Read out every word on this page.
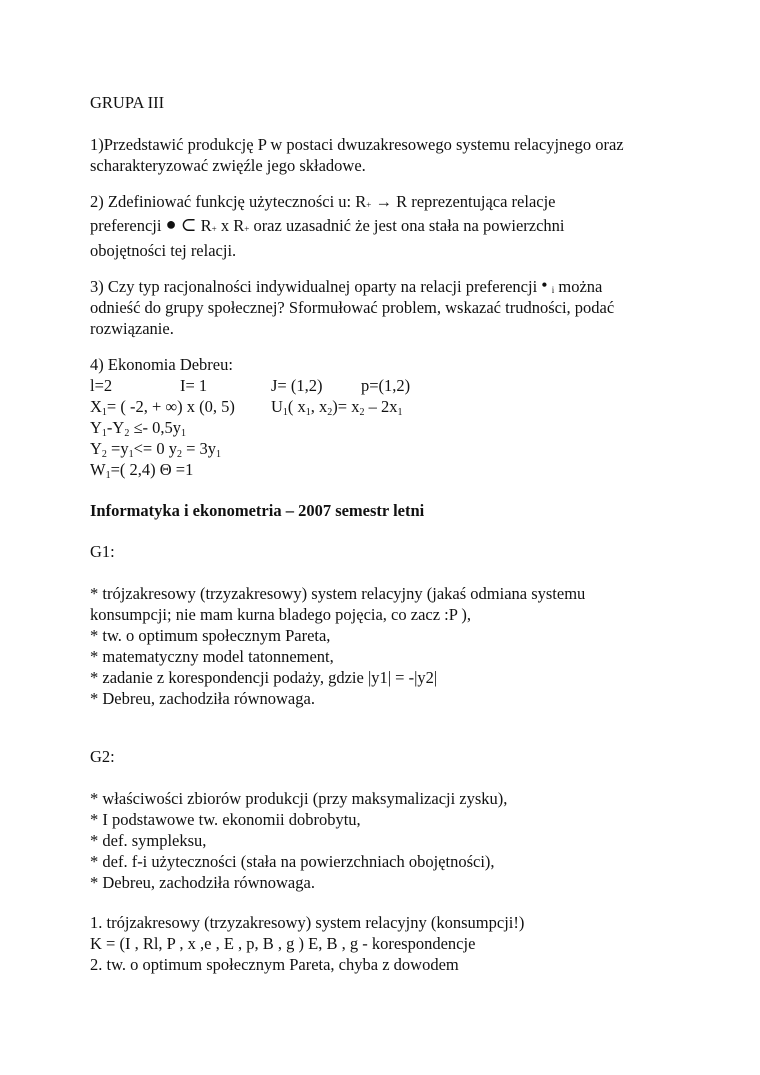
GRUPA III
1)Przedstawić produkcję P w postaci dwuzakresowego systemu relacyjnego oraz
scharakteryzować zwięźle jego składowe.
2) Zdefiniować funkcję użyteczności u: R+ → R reprezentująca relacje
preferencji ● ⊂ R+ x R+ oraz uzasadnić że jest ona stała na powierzchni
obojętności tej relacji.
3) Czy typ racjonalności indywidualnej oparty na relacji preferencji • i można
odnieść do grupy społecznej? Sformułować problem, wskazać trudności, podać
rozwiązanie.
4) Ekonomia Debreu:
l=2	I= 1	J= (1,2) p=(1,2)
$X_1=$ ( -2, + ∞) x (0, 5) $U_1$( $x_1$, $x_2)= x_2 - 2x_1$
$Y_1-Y_2 \le- 0,5y_1$
$Y_2 =y_1<= 0$ $y_2 = 3y_1$
$W_1=$( 2,4) Θ =1
Informatyka i ekonometria – 2007 semestr letni
G1:
* trójzakresowy (trzyzakresowy) system relacyjny (jakaś odmiana systemu
konsumpcji; nie mam kurna bladego pojęcia, co zacz :P ),
* tw. o optimum społecznym Pareta,
* matematyczny model tatonnement,
* zadanie z korespondencji podaży, gdzie |y1| = -|y2|
* Debreu, zachodziła równowaga.
G2:
* właściwości zbiorów produkcji (przy maksymalizacji zysku),
* I podstawowe tw. ekonomii dobrobytu,
* def. sympleksu,
* def. f-i użyteczności (stała na powierzchniach obojętności),
* Debreu, zachodziła równowaga.
1. trójzakresowy (trzyzakresowy) system relacyjny (konsumpcji!)
K = (I , Rl, P , x ,e , E , p, B , g ) E, B , g - korespondencje
2. tw. o optimum społecznym Pareta, chyba z dowodem
